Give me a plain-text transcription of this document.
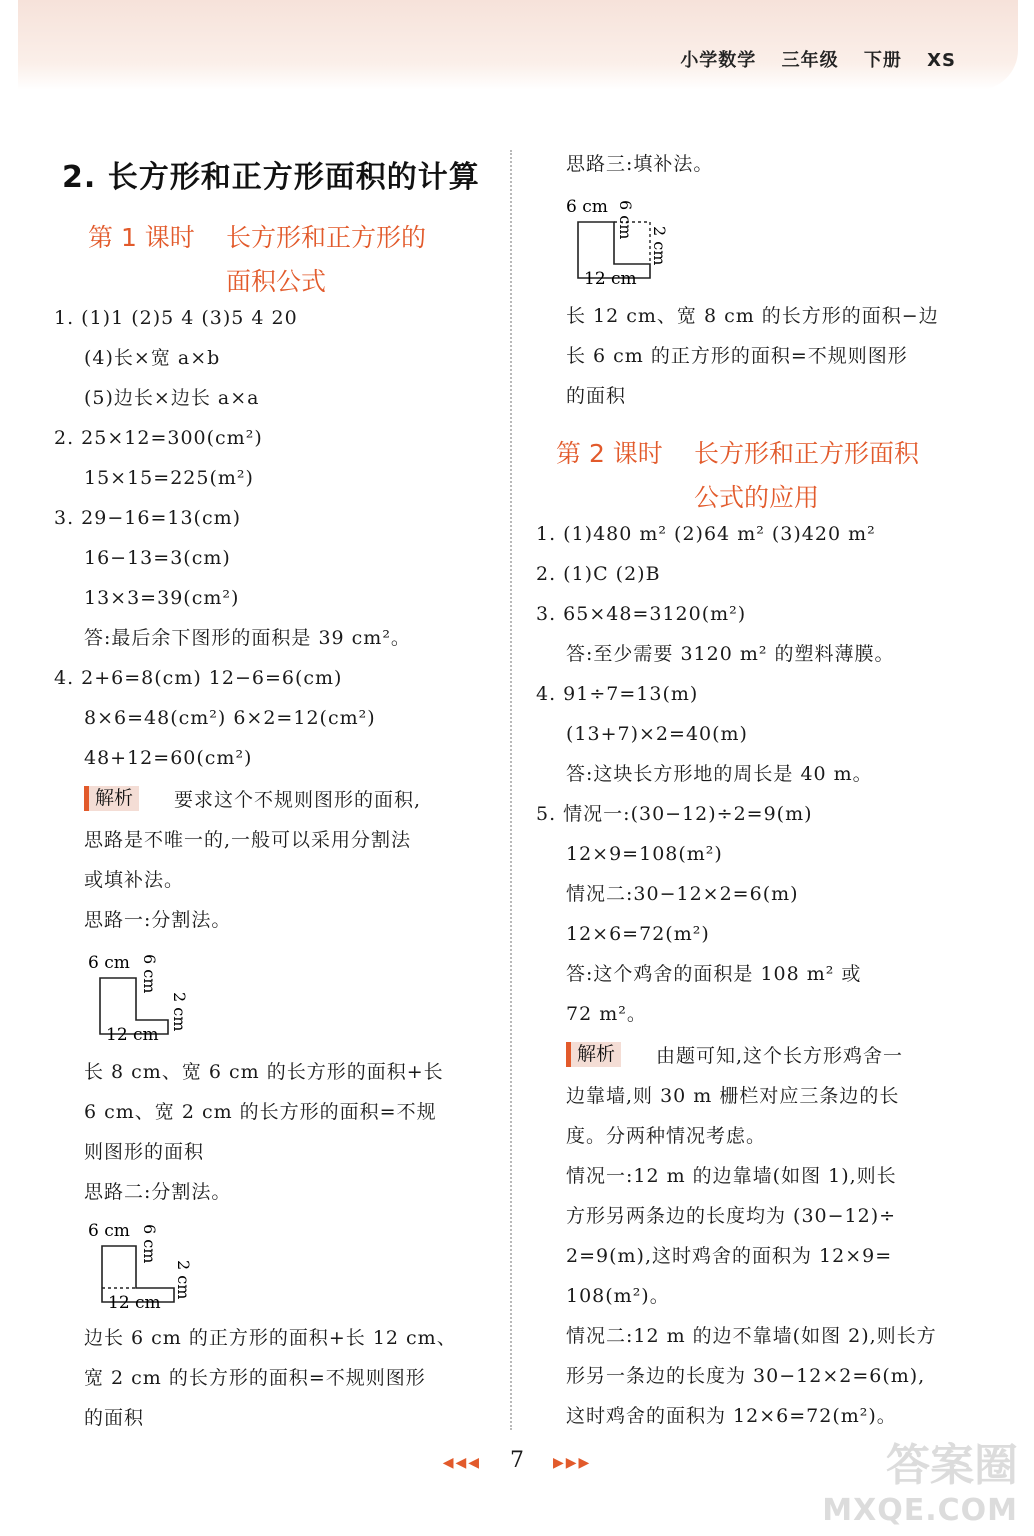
小学数学 三年级 下册 XS
2. 长方形和正方形面积的计算
第 1 课时 长方形和正方形的
面积公式
1. (1)1 (2)5 4 (3)5 4 20
(4)长×宽 a×b
(5)边长×边长 a×a
2. 25×12=300(cm²)
15×15=225(m²)
3. 29−16=13(cm)
16−13=3(cm)
13×3=39(cm²)
答:最后余下图形的面积是 39 cm²。
4. 2+6=8(cm) 12−6=6(cm)
8×6=48(cm²) 6×2=12(cm²)
48+12=60(cm²)
解析	要求这个不规则图形的面积,
思路是不唯一的,一般可以采用分割法
或填补法。
思路一:分割法。
6 cm 6 cm
2 cm
12 cm
长 8 cm、宽 6 cm 的长方形的面积+长
6 cm、宽 2 cm 的长方形的面积=不规
则图形的面积
思路二:分割法。
6 cm 6 cm
2 cm
12 cm
边长 6 cm 的正方形的面积+长 12 cm、
宽 2 cm 的长方形的面积=不规则图形
的面积
思路三:填补法。
6 cm 6 cm
2 cm
12 cm
长 12 cm、宽 8 cm 的长方形的面积−边
长 6 cm 的正方形的面积=不规则图形
的面积
第 2 课时 长方形和正方形面积
公式的应用
1. (1)480 m² (2)64 m² (3)420 m²
2. (1)C (2)B
3. 65×48=3120(m²)
答:至少需要 3120 m² 的塑料薄膜。
4. 91÷7=13(m)
(13+7)×2=40(m)
答:这块长方形地的周长是 40 m。
5. 情况一:(30−12)÷2=9(m)
12×9=108(m²)
情况二:30−12×2=6(m)
12×6=72(m²)
答:这个鸡舍的面积是 108 m² 或
72 m²。
解析	由题可知,这个长方形鸡舍一
边靠墙,则 30 m 栅栏对应三条边的长
度。分两种情况考虑。
情况一:12 m 的边靠墙(如图 1),则长
方形另两条边的长度均为 (30−12)÷
2=9(m),这时鸡舍的面积为 12×9=
108(m²)。
情况二:12 m 的边不靠墙(如图 2),则长方
形另一条边的长度为 30−12×2=6(m),
这时鸡舍的面积为 12×6=72(m²)。
◀◀◀ 7 ▶▶▶	答案圈
MXQE.COM
